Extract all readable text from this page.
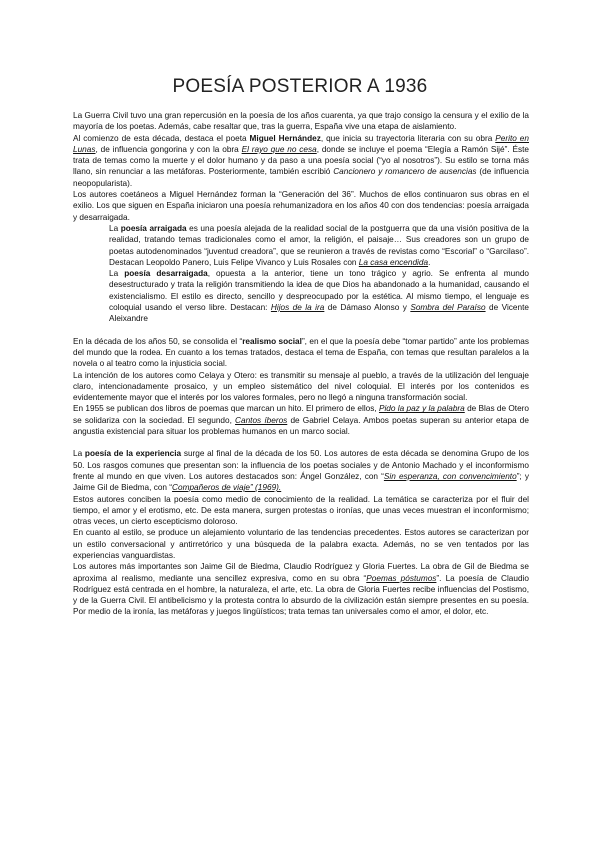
POESÍA POSTERIOR A 1936

La Guerra Civil tuvo una gran repercusión en la poesía de los años cuarenta, ya que trajo consigo la censura y el exilio de la mayoría de los poetas. Además, cabe resaltar que, tras la guerra, España vive una etapa de aislamiento.

Al comienzo de esta década, destaca el poeta Miguel Hernández, que inicia su trayectoria literaria con su obra Perito en Lunas, de influencia gongorina y con la obra El rayo que no cesa, donde se incluye el poema “Elegía a Ramón Sijé”. Éste trata de temas como la muerte y el dolor humano y da paso a una poesía social (“yo al nosotros”). Su estilo se torna más llano, sin renunciar a las metáforas. Posteriormente, también escribió Cancionero y romancero de ausencias (de influencia neopopularista).

Los autores coetáneos a Miguel Hernández forman la “Generación del 36”. Muchos de ellos continuaron sus obras en el exilio. Los que siguen en España iniciaron una poesía rehumanizadora en los años 40 con dos tendencias: poesía arraigada y desarraigada.

La poesía arraigada es una poesía alejada de la realidad social de la postguerra que da una visión positiva de la realidad, tratando temas tradicionales como el amor, la religión, el paisaje… Sus creadores son un grupo de poetas autodenominados “juventud creadora”, que se reunieron a través de revistas como “Escorial” o “Garcilaso”. Destacan Leopoldo Panero, Luis Felipe Vivanco y Luis Rosales con La casa encendida.

La poesía desarraigada, opuesta a la anterior, tiene un tono trágico y agrio. Se enfrenta al mundo desestructurado y trata la religión transmitiendo la idea de que Dios ha abandonado a la humanidad, causando el existencialismo. El estilo es directo, sencillo y despreocupado por la estética. Al mismo tiempo, el lenguaje es coloquial usando el verso libre. Destacan: Hijos de la ira de Dámaso Alonso y Sombra del Paraíso de Vicente Aleixandre

En la década de los años 50, se consolida el “realismo social”, en el que la poesía debe “tomar partido” ante los problemas del mundo que la rodea. En cuanto a los temas tratados, destaca el tema de España, con temas que resultan paralelos a la novela o al teatro como la injusticia social.

La intención de los autores como Celaya y Otero: es transmitir su mensaje al pueblo, a través de la utilización del lenguaje claro, intencionadamente prosaico, y un empleo sistemático del nivel coloquial. El interés por los contenidos es evidentemente mayor que el interés por los valores formales, pero no llegó a ninguna transformación social.

En 1955 se publican dos libros de poemas que marcan un hito. El primero de ellos, Pido la paz y la palabra de Blas de Otero se solidariza con la sociedad. El segundo, Cantos íberos de Gabriel Celaya. Ambos poetas superan su anterior etapa de angustia existencial para situar los problemas humanos en un marco social.

La poesía de la experiencia surge al final de la década de los 50. Los autores de esta década se denomina Grupo de los 50. Los rasgos comunes que presentan son: la influencia de los poetas sociales y de Antonio Machado y el inconformismo frente al mundo en que viven. Los autores destacados son: Ángel González, con “Sin esperanza, con convencimiento”; y Jaime Gil de Biedma, con “Compañeros de viaje” (1969).

Estos autores conciben la poesía como medio de conocimiento de la realidad. La temática se caracteriza por el fluir del tiempo, el amor y el erotismo, etc. De esta manera, surgen protestas o ironías, que unas veces muestran el inconformismo; otras veces, un cierto escepticismo doloroso.

En cuanto al estilo, se produce un alejamiento voluntario de las tendencias precedentes. Estos autores se caracterizan por un estilo conversacional y antirretórico y una búsqueda de la palabra exacta. Además, no se ven tentados por las experiencias vanguardistas.

Los autores más importantes son Jaime Gil de Biedma, Claudio Rodríguez y Gloria Fuertes. La obra de Gil de Biedma se aproxima al realismo, mediante una sencillez expresiva, como en su obra “Poemas póstumos”. La poesía de Claudio Rodríguez está centrada en el hombre, la naturaleza, el arte, etc. La obra de Gloria Fuertes recibe influencias del Postismo, y de la Guerra Civil. El antibelicismo y la protesta contra lo absurdo de la civilización están siempre presentes en su poesía. Por medio de la ironía, las metáforas y juegos lingüísticos; trata temas tan universales como el amor, el dolor, etc.
